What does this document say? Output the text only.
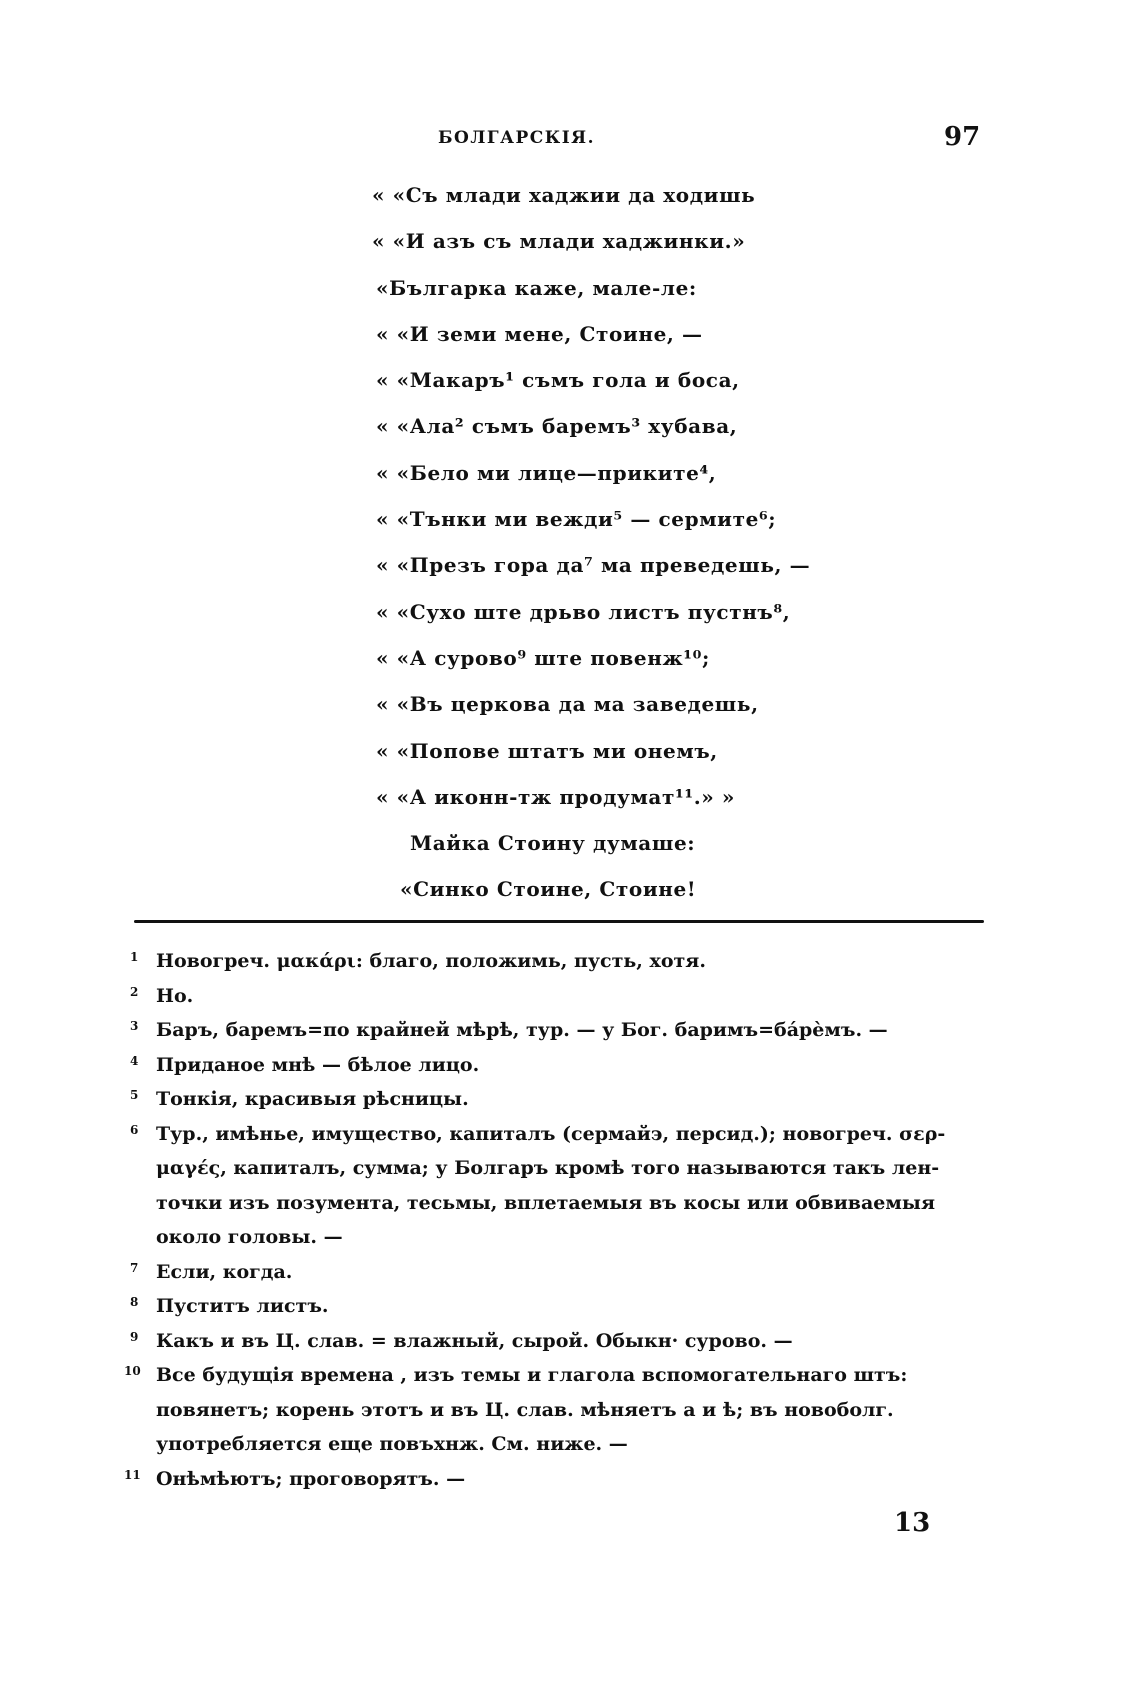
БОЛГАРСКІЯ.	97
« «Съ млади хаджии да ходишь
« «И азъ съ млади хаджинки.»
«Българка каже, мале-ле:
« «И земи мене, Стоине, —
« «Макаръ¹ съмъ гола и боса,
« «Ала² съмъ баремъ³ хубава,
« «Бело ми лице—приките⁴,
« «Тънки ми вежди⁵ — сермите⁶;
« «Презъ гора да⁷ ма преведешь, —
« «Сухо ште дрьво листъ пустнъ⁸,
« «А сурово⁹ ште повенж¹⁰;
« «Въ церкова да ма заведешь,
« «Попове штатъ ми онемъ,
« «А иконн-тж продумат¹¹.» »
Майка Стоину думаше:
«Синко Стоине, Стоине!
1 Новогреч. μακάρι: благо, положимь, пусть, хотя.
2 Но.
3 Баръ, баремъ=по крайней мѣрѣ, тур. — у Бог. баримъ=бáрѐмъ. —
4 Приданое мнѣ — бѣлое лицо.
5 Тонкія, красивыя рѣсницы.
6 Тур., имѣнье, имущество, капиталъ (сермайэ, персид.); новогреч. σερ-
μαγές, капиталъ, сумма; у Болгаръ кромѣ того называются такъ лен-
точки изъ позумента, тесьмы, вплетаемыя въ косы или обвиваемыя
около головы. —
7 Если, когда.
8 Пуститъ листъ.
9 Какъ и въ Ц. слав. = влажный, сырой. Обыкн· сурово. —
10 Все будущія времена , изъ темы и глагола вспомогательнаго штъ:
повянетъ; корень этотъ и въ Ц. слав. мѣняетъ а и ѣ; въ новоболг.
употребляется еще повъхнж. См. ниже. —
11 Онѣмѣютъ; проговорятъ. —
13
